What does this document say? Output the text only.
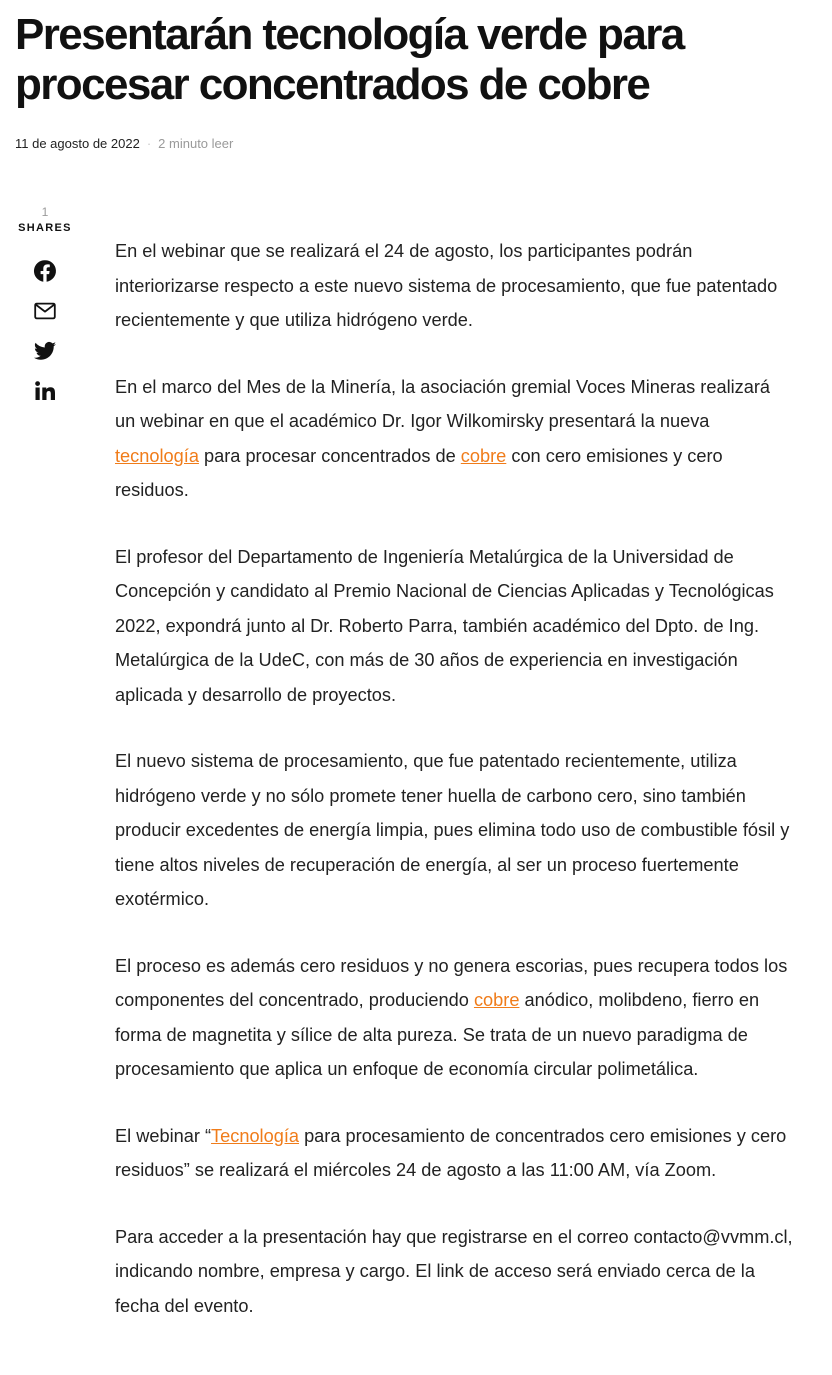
Presentarán tecnología verde para procesar concentrados de cobre
11 de agosto de 2022 · 2 minuto leer
1
SHARES

En el webinar que se realizará el 24 de agosto, los participantes podrán interiorizarse respecto a este nuevo sistema de procesamiento, que fue patentado recientemente y que utiliza hidrógeno verde.

En el marco del Mes de la Minería, la asociación gremial Voces Mineras realizará un webinar en que el académico Dr. Igor Wilkomirsky presentará la nueva tecnología para procesar concentrados de cobre con cero emisiones y cero residuos.

El profesor del Departamento de Ingeniería Metalúrgica de la Universidad de Concepción y candidato al Premio Nacional de Ciencias Aplicadas y Tecnológicas 2022, expondrá junto al Dr. Roberto Parra, también académico del Dpto. de Ing. Metalúrgica de la UdeC, con más de 30 años de experiencia en investigación aplicada y desarrollo de proyectos.

El nuevo sistema de procesamiento, que fue patentado recientemente, utiliza hidrógeno verde y no sólo promete tener huella de carbono cero, sino también producir excedentes de energía limpia, pues elimina todo uso de combustible fósil y tiene altos niveles de recuperación de energía, al ser un proceso fuertemente exotérmico.

El proceso es además cero residuos y no genera escorias, pues recupera todos los componentes del concentrado, produciendo cobre anódico, molibdeno, fierro en forma de magnetita y sílice de alta pureza. Se trata de un nuevo paradigma de procesamiento que aplica un enfoque de economía circular polimetálica.

El webinar “Tecnología para procesamiento de concentrados cero emisiones y cero residuos” se realizará el miércoles 24 de agosto a las 11:00 AM, vía Zoom.

Para acceder a la presentación hay que registrarse en el correo contacto@vvmm.cl, indicando nombre, empresa y cargo. El link de acceso será enviado cerca de la fecha del evento.
